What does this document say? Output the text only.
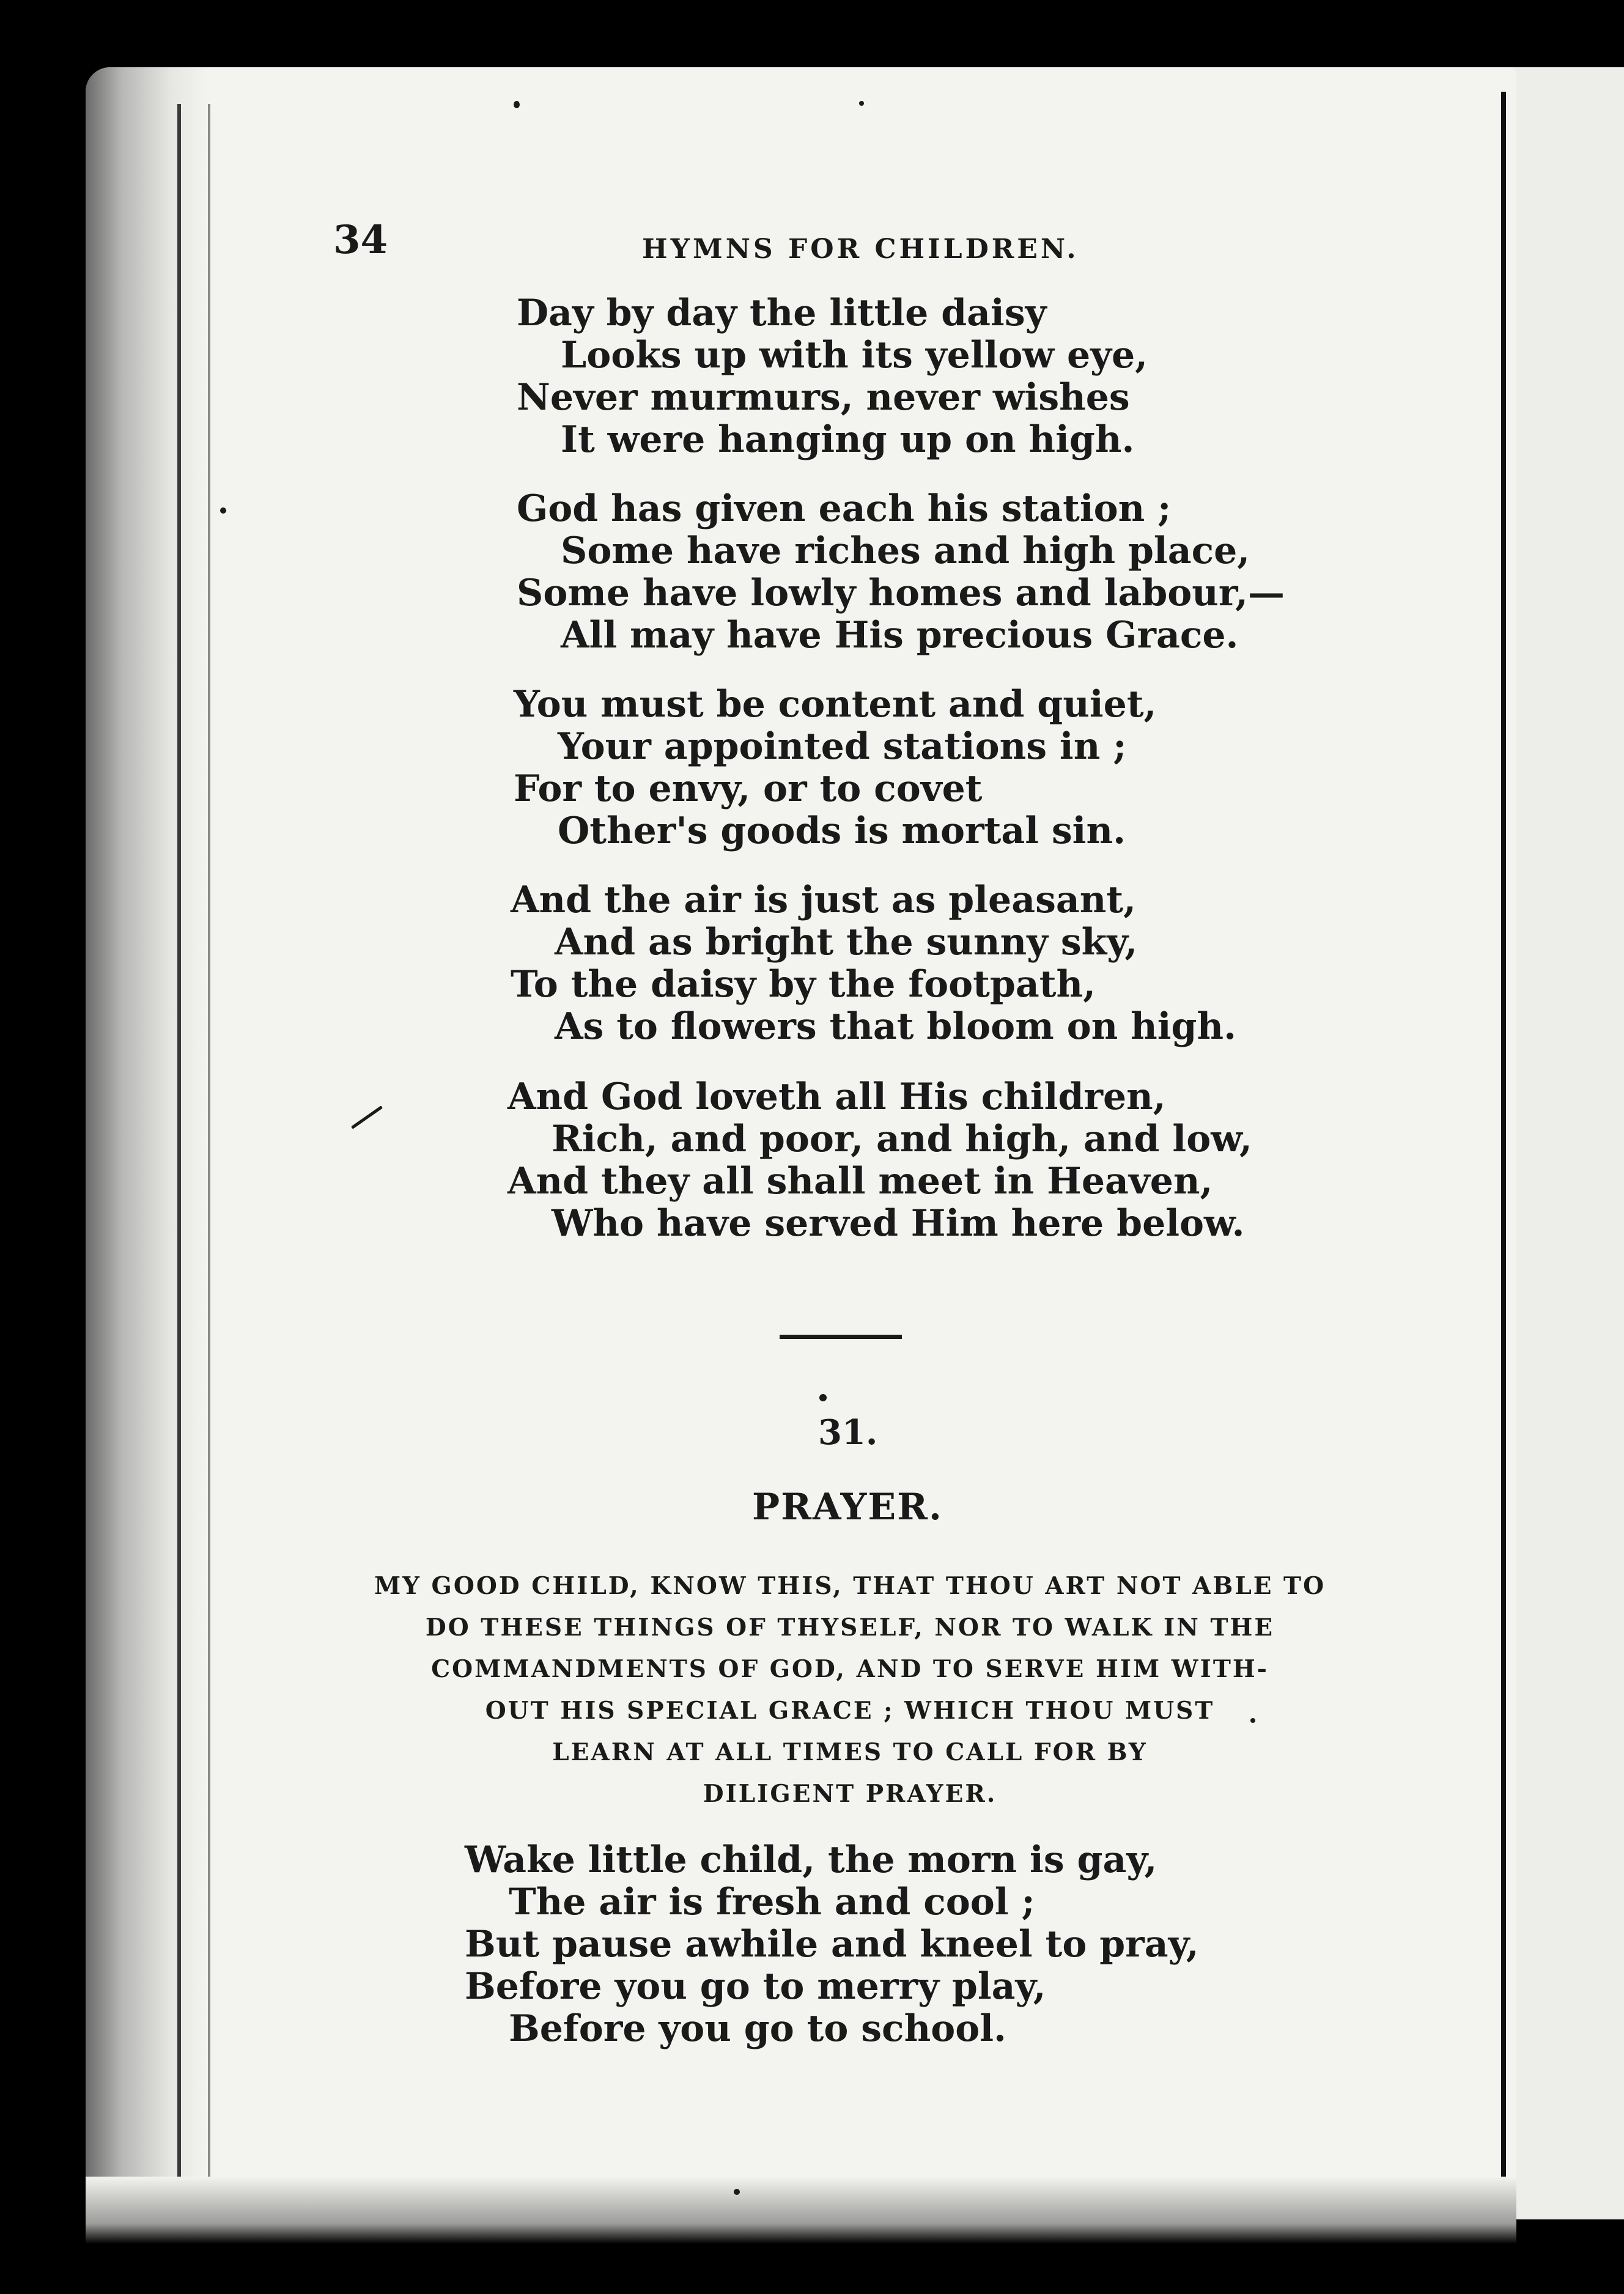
34	HYMNS FOR CHILDREN.
Day by day the little daisy
Looks up with its yellow eye,
Never murmurs, never wishes
It were hanging up on high.
God has given each his station ;
Some have riches and high place,
Some have lowly homes and labour,—
All may have His precious Grace.
You must be content and quiet,
Your appointed stations in ;
For to envy, or to covet
Other's goods is mortal sin.
And the air is just as pleasant,
And as bright the sunny sky,
To the daisy by the footpath,
As to flowers that bloom on high.
And God loveth all His children,
Rich, and poor, and high, and low,
And they all shall meet in Heaven,
Who have served Him here below.
31.
PRAYER.
MY GOOD CHILD, KNOW THIS, THAT THOU ART NOT ABLE TO
DO THESE THINGS OF THYSELF, NOR TO WALK IN THE
COMMANDMENTS OF GOD, AND TO SERVE HIM WITH-
OUT HIS SPECIAL GRACE ; WHICH THOU MUST
LEARN AT ALL TIMES TO CALL FOR BY
DILIGENT PRAYER.
Wake little child, the morn is gay,
The air is fresh and cool ;
But pause awhile and kneel to pray,
Before you go to merry play,
Before you go to school.
